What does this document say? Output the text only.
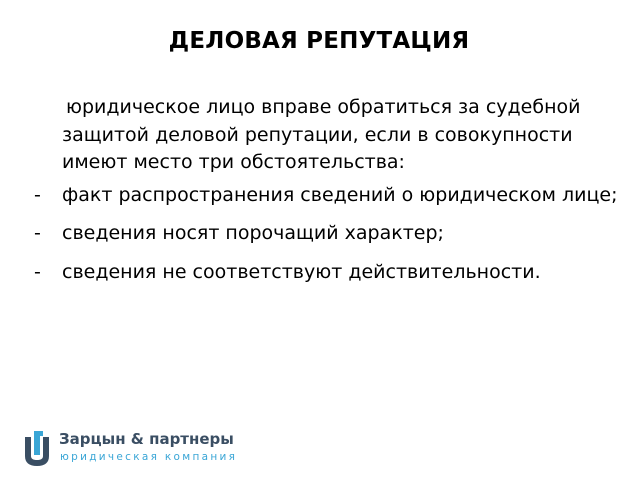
ДЕЛОВАЯ РЕПУТАЦИЯ

юридическое лицо вправе обратиться за судебной защитой деловой репутации, если в совокупности имеют место три обстоятельства:

- факт распространения сведений о юридическом лице;
- сведения носят порочащий характер;
- сведения не соответствуют действительности.
Зарцын & партнеры
юридическая компания
